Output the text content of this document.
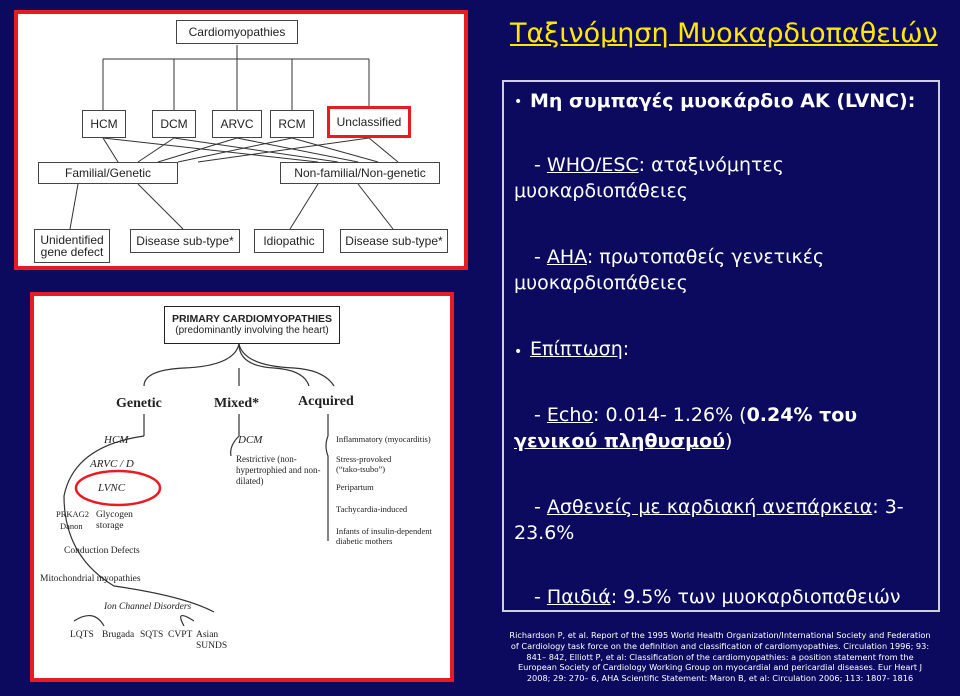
Ταξινόμηση Μυοκαρδιοπαθειών
Cardiomyopathies
HCM	DCM	ARVC	RCM	Unclassified
Familial/Genetic	Non-familial/Non-genetic
Unidentified gene defect
Disease sub-type*	Idiopathic	Disease sub-type*
PRIMARY CARDIOMYOPATHIES
(predominantly involving the heart)
Genetic	Mixed*	Acquired
HCM
ARVC / D
LVNC
PRKAG2
Danon
Glycogen storage
Conduction Defects
Mitochondrial myopathies
Ion Channel Disorders
LQTS Brugada SQTS CVPT Asian SUNDS
DCM
Restrictive (non-hypertrophied and non-dilated)
Inflammatory (myocarditis)
Stress-provoked (“tako-tsubo”)
Peripartum
Tachycardia-induced
Infants of insulin-dependent diabetic mothers
• Μη συμπαγές μυοκάρδιο ΑΚ (LVNC):
- WHO/ESC: αταξινόμητες
μυοκαρδιοπάθειες
- AHA: πρωτοπαθείς γενετικές
μυοκαρδιοπάθειες
• Επίπτωση:
- Echo: 0.014- 1.26% (0.24% του
γενικού πληθυσμού)
- Ασθενείς με καρδιακή ανεπάρκεια: 3-
23.6%
- Παιδιά: 9.5% των μυοκαρδιοπαθειών
Richardson P, et al. Report of the 1995 World Health Organization/International Society and Federation of Cardiology task force on the definition and classification of cardiomyopathies. Circulation 1996; 93: 841– 842, Elliott P, et al: Classification of the cardiomyopathies: a position statement from the European Society of Cardiology Working Group on myocardial and pericardial diseases. Eur Heart J 2008; 29: 270– 6, AHA Scientific Statement: Maron B, et al: Circulation 2006; 113: 1807- 1816
